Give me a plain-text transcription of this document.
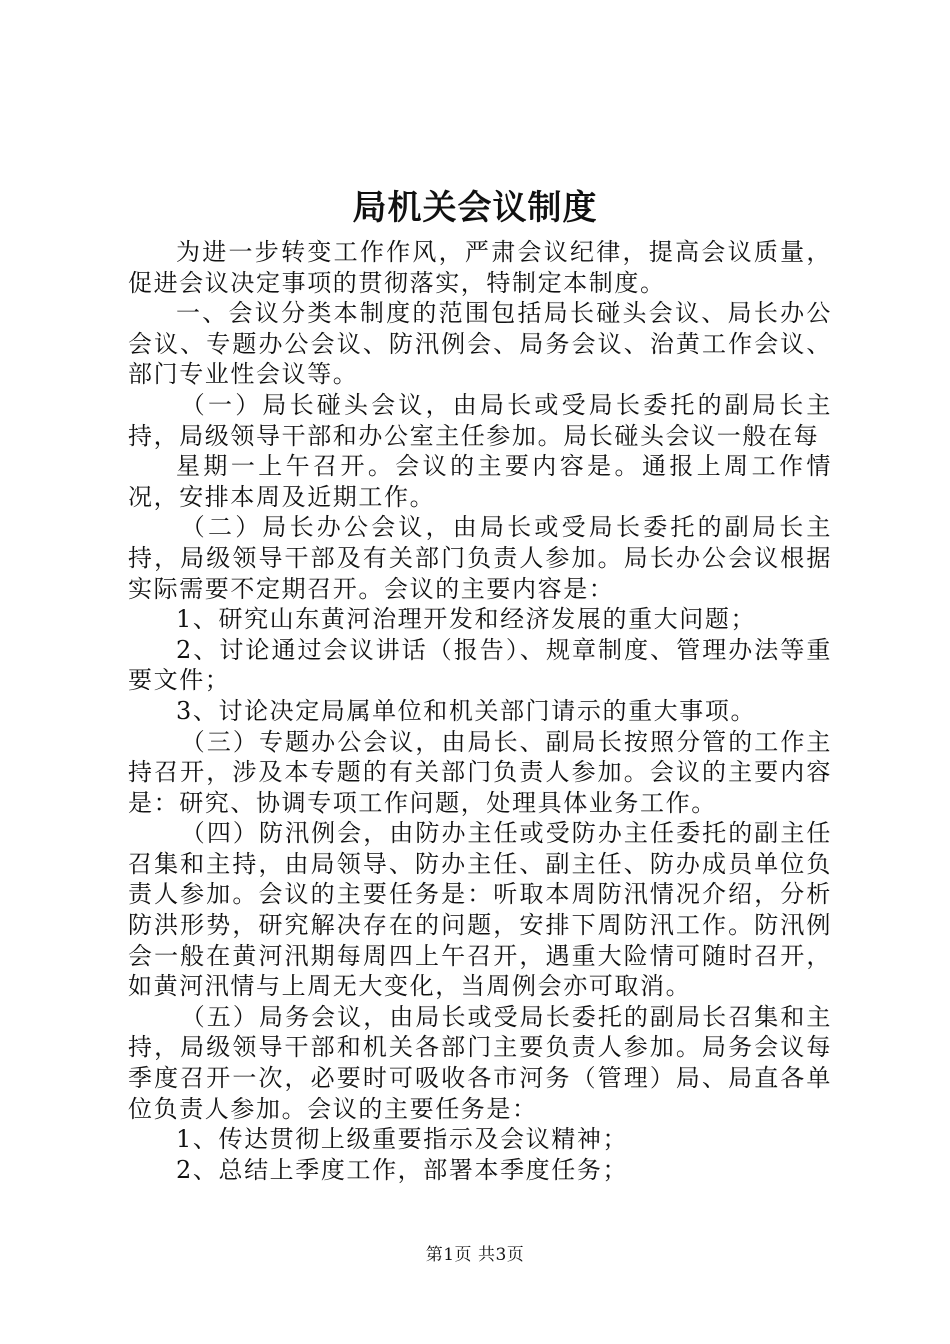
局机关会议制度

为进一步转变工作作风，严肃会议纪律，提高会议质量，促进会议决定事项的贯彻落实，特制定本制度。

一、会议分类本制度的范围包括局长碰头会议、局长办公会议、专题办公会议、防汛例会、局务会议、治黄工作会议、部门专业性会议等。

（一）局长碰头会议，由局长或受局长委托的副局长主持，局级领导干部和办公室主任参加。局长碰头会议一般在每

星期一上午召开。会议的主要内容是。通报上周工作情况，安排本周及近期工作。

（二）局长办公会议，由局长或受局长委托的副局长主持，局级领导干部及有关部门负责人参加。局长办公会议根据实际需要不定期召开。会议的主要内容是：

1、研究山东黄河治理开发和经济发展的重大问题；

2、讨论通过会议讲话（报告）、规章制度、管理办法等重要文件；

3、讨论决定局属单位和机关部门请示的重大事项。

（三）专题办公会议，由局长、副局长按照分管的工作主持召开，涉及本专题的有关部门负责人参加。会议的主要内容是：研究、协调专项工作问题，处理具体业务工作。

（四）防汛例会，由防办主任或受防办主任委托的副主任召集和主持，由局领导、防办主任、副主任、防办成员单位负责人参加。会议的主要任务是：听取本周防汛情况介绍，分析防洪形势，研究解决存在的问题，安排下周防汛工作。防汛例会一般在黄河汛期每周四上午召开，遇重大险情可随时召开，如黄河汛情与上周无大变化，当周例会亦可取消。

（五）局务会议，由局长或受局长委托的副局长召集和主持，局级领导干部和机关各部门主要负责人参加。局务会议每季度召开一次，必要时可吸收各市河务（管理）局、局直各单位负责人参加。会议的主要任务是：

1、传达贯彻上级重要指示及会议精神；

2、总结上季度工作，部署本季度任务；

第1页 共3页
